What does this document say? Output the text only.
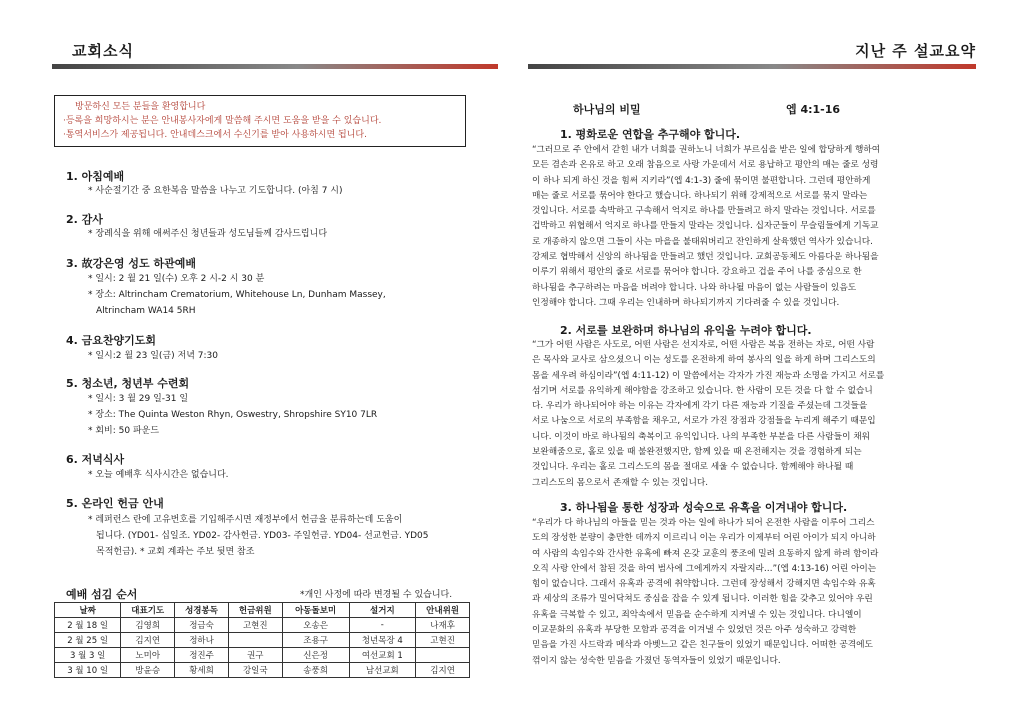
교회소식	지난 주 설교요약
방문하신 모든 분들을 환영합니다
·등록을 희망하시는 분은 안내봉사자에게 말씀해 주시면 도움을 받을 수 있습니다.
·통역서비스가 제공됩니다. 안내데스크에서 수신기를 받아 사용하시면 됩니다.
1. 아침예배
* 사순절기간 중 요한복음 말씀을 나누고 기도합니다. (아침 7 시)
2. 감사
* 장례식을 위해 애써주신 청년들과 성도님들께 감사드립니다
3. 故강은영 성도 하관예배
* 일시: 2 월 21 일(수) 오후 2 시-2 시 30 분
* 장소: Altrincham Crematorium, Whitehouse Ln, Dunham Massey,
Altrincham WA14 5RH
4. 금요찬양기도회
* 일시:2 월 23 일(금) 저녁 7:30
5. 청소년, 청년부 수련회
* 일시: 3 월 29 일-31 일
* 장소: The Quinta Weston Rhyn, Oswestry, Shropshire SY10 7LR
* 회비: 50 파운드
6. 저녁식사
* 오늘 예배후 식사시간은 없습니다.
5. 온라인 헌금 안내
* 레퍼런스 란에 고유번호를 기입해주시면 재정부에서 헌금을 분류하는데 도움이
됩니다. (YD01- 십일조. YD02- 감사헌금. YD03- 주일헌금. YD04- 선교헌금. YD05
목적헌금). * 교회 계좌는 주보 뒷면 참조
예배 섬김 순서	*개인 사정에 따라 변경될 수 있습니다.
날짜	대표기도	성경봉독	헌금위원	아동돌보미	설거지	안내위원
2 월 18 일	김영희	정금숙	고현진	오송은	-	나재후
2 월 25 일	김지연	정하나		조용구	청년목장 4	고현진
3 월 3 일	노미아	정진주	권구	신은정	여선교회 1	
3 월 10 일	방윤승	황세희	강일국	송풍희	남선교회	김지연
하나님의 비밀	엡 4:1-16
1. 평화로운 연합을 추구해야 합니다.
“그러므로 주 안에서 갇힌 내가 너희를 권하노니 너희가 부르심을 받은 일에 합당하게 행하여
모든 겸손과 온유로 하고 오래 참음으로 사랑 가운데서 서로 용납하고 평안의 매는 줄로 성령
이 하나 되게 하신 것을 힘써 지키라”(엡 4:1-3) 줄에 묶이면 불편합니다. 그런데 평안하게
매는 줄로 서로를 묶어야 한다고 했습니다. 하나되기 위해 강제적으로 서로를 묶지 말라는
것입니다. 서로를 속박하고 구속해서 억지로 하나를 만들려고 하지 말라는 것입니다. 서로를
겁박하고 위협해서 억지로 하나를 만들지 말라는 것입니다. 십자군들이 무슬림들에게 기독교
로 개종하지 않으면 그들이 사는 마을을 불태워버리고 잔인하게 살육했던 역사가 있습니다.
강제로 협박해서 신앙의 하나됨을 만들려고 했던 것입니다. 교회공동체도 아름다운 하나됨을
이루기 위해서 평안의 줄로 서로를 묶어야 합니다. 강요하고 겁을 주어 나를 중심으로 한
하나됨을 추구하려는 마음을 버려야 합니다. 나와 하나될 마음이 없는 사람들이 있음도
인정해야 합니다. 그때 우리는 인내하며 하나되기까지 기다려줄 수 있을 것입니다.
2. 서로를 보완하며 하나님의 유익을 누려야 합니다.
“그가 어떤 사람은 사도로, 어떤 사람은 선지자로, 어떤 사람은 복음 전하는 자로, 어떤 사람
은 목사와 교사로 삼으셨으니 이는 성도를 온전하게 하여 봉사의 일을 하게 하며 그리스도의
몸을 세우려 하심이라”(엡 4:11-12) 이 말씀에서는 각자가 가진 재능과 소명을 가지고 서로를
섬기며 서로를 유익하게 해야함을 강조하고 있습니다. 한 사람이 모든 것을 다 할 수 없습니
다. 우리가 하나되어야 하는 이유는 각자에게 각기 다른 재능과 기질을 주셨는데 그것들을
서로 나눔으로 서로의 부족함을 채우고, 서로가 가진 장점과 강점들을 누리게 해주기 때문입
니다. 이것이 바로 하나됨의 축복이고 유익입니다. 나의 부족한 부분을 다른 사람들이 채워
보완해줌으로, 홀로 있을 때 불완전했지만, 함께 있을 때 온전해지는 것을 경험하게 되는
것입니다. 우리는 홀로 그리스도의 몸을 절대로 세울 수 없습니다. 함께해야 하나될 때
그리스도의 몸으로서 존재할 수 있는 것입니다.
3. 하나됨을 통한 성장과 성숙으로 유혹을 이겨내야 합니다.
“우리가 다 하나님의 아들을 믿는 것과 아는 일에 하나가 되어 온전한 사람을 이루어 그리스
도의 장성한 분량이 충만한 데까지 이르리니 이는 우리가 이제부터 어린 아이가 되지 아니하
여 사람의 속임수와 간사한 유혹에 빠져 온갖 교훈의 풍조에 밀려 요동하지 않게 하려 함이라
오직 사랑 안에서 참된 것을 하여 범사에 그에게까지 자랄지라…”(엡 4:13-16) 어린 아이는
힘이 없습니다. 그래서 유혹과 공격에 취약합니다. 그런데 장성해서 강해지면 속임수와 유혹
과 세상의 조류가 밀어닥쳐도 중심을 잡을 수 있게 됩니다. 이러한 힘을 갖추고 있어야 우린
유혹을 극복할 수 있고, 죄악속에서 믿음을 순수하게 지켜낼 수 있는 것입니다. 다니엘이
이교문화의 유혹과 부당한 모함과 공격을 이겨낼 수 있었던 것은 아주 성숙하고 강력한
믿음을 가진 사드락과 메삭과 아벳느고 같은 친구들이 있었기 때문입니다. 어떠한 공격에도
꺾이지 않는 성숙한 믿음을 가졌던 동역자들이 있었기 때문입니다.
